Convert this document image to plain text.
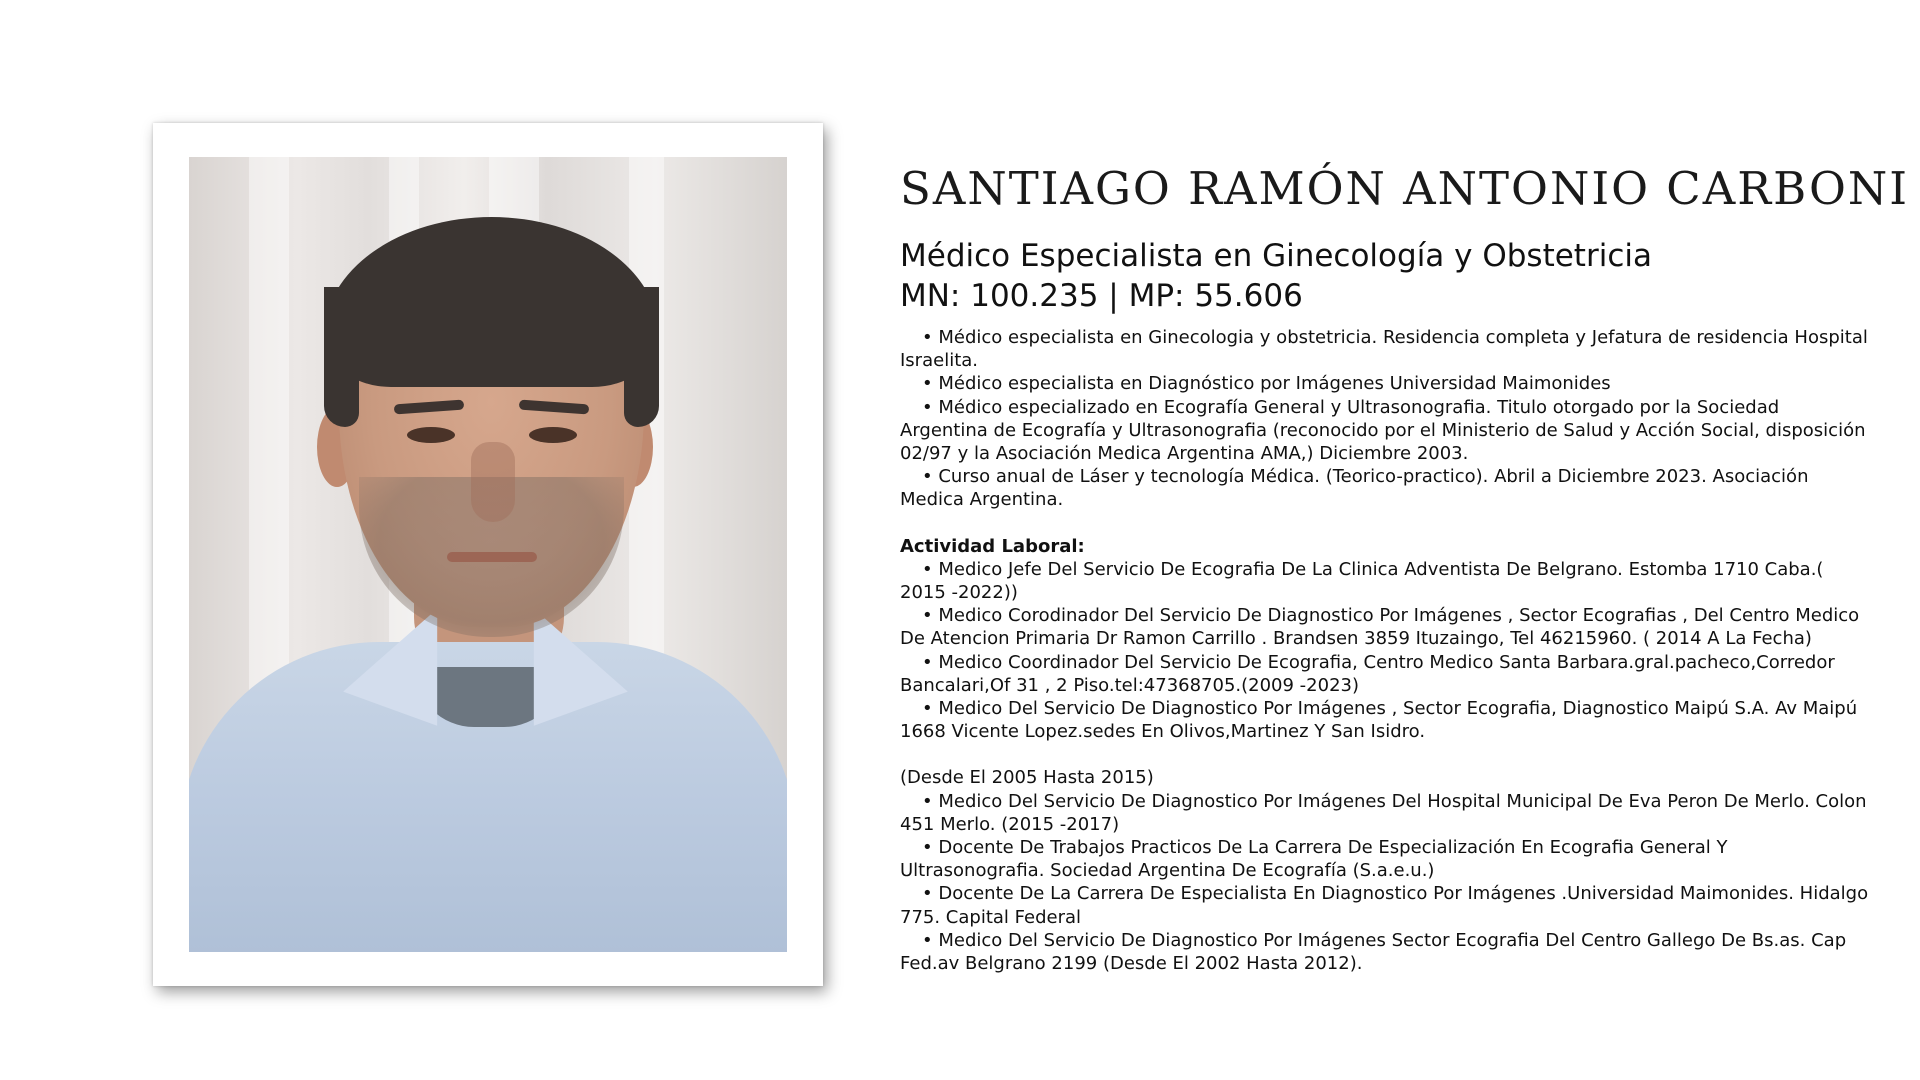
SANTIAGO RAMÓN ANTONIO CARBONI
Médico Especialista en Ginecología y Obstetricia
MN: 100.235 | MP: 55.606

• Médico especialista en Ginecologia y obstetricia. Residencia completa y Jefatura de residencia Hospital Israelita.

• Médico especialista en Diagnóstico por Imágenes Universidad Maimonides

• Médico especializado en Ecografía General y Ultrasonografia. Titulo otorgado por la Sociedad Argentina de Ecografía y Ultrasonografia (reconocido por el Ministerio de Salud y Acción Social, disposición 02/97 y la Asociación Medica Argentina AMA,) Diciembre 2003.

• Curso anual de Láser y tecnología Médica. (Teorico-practico). Abril a Diciembre 2023. Asociación Medica Argentina.

Actividad Laboral:

• Medico Jefe Del Servicio De Ecografia De La Clinica Adventista De Belgrano. Estomba 1710 Caba.( 2015 -2022))

• Medico Corodinador Del Servicio De Diagnostico Por Imágenes , Sector Ecografias , Del Centro Medico De Atencion Primaria Dr Ramon Carrillo . Brandsen 3859 Ituzaingo, Tel 46215960. ( 2014 A La Fecha)

• Medico Coordinador Del Servicio De Ecografia, Centro Medico Santa Barbara.gral.pacheco,Corredor Bancalari,Of 31 , 2 Piso.tel:47368705.(2009 -2023)

• Medico Del Servicio De Diagnostico Por Imágenes , Sector Ecografia, Diagnostico Maipú S.A. Av Maipú 1668 Vicente Lopez.sedes En Olivos,Martinez Y San Isidro.

(Desde El 2005 Hasta 2015)

• Medico Del Servicio De Diagnostico Por Imágenes Del Hospital Municipal De Eva Peron De Merlo. Colon 451 Merlo. (2015 -2017)

• Docente De Trabajos Practicos De La Carrera De Especialización En Ecografia General Y Ultrasonografia. Sociedad Argentina De Ecografía (S.a.e.u.)

• Docente De La Carrera De Especialista En Diagnostico Por Imágenes .Universidad Maimonides. Hidalgo 775. Capital Federal

• Medico Del Servicio De Diagnostico Por Imágenes Sector Ecografia Del Centro Gallego De Bs.as. Cap Fed.av Belgrano 2199 (Desde El 2002 Hasta 2012).
